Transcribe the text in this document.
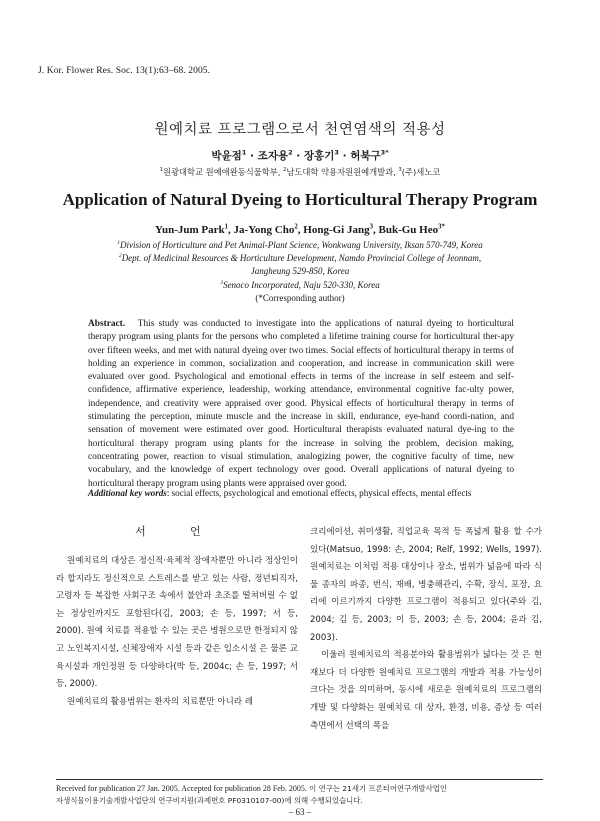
J. Kor. Flower Res. Soc. 13(1):63–68. 2005.
원예치료 프로그램으로서 천연염색의 적용성
박윤점$^1$ · 조자용$^2$ · 장홍기$^3$ · 허북구$^{3*}$
$^1$원광대학교 원예애완동식물학부, $^2$남도대학 약용자원원예개발과, $^3$(주)세노코
Application of Natural Dyeing to Horticultural Therapy Program
Yun-Jum Park$^1$, Ja-Yong Cho$^2$, Hong-Gi Jang$^3$, Buk-Gu Heo$^{3*}$
$^1$Division of Horticulture and Pet Animal-Plant Science, Wonkwang University, Iksan 570-749, Korea
$^2$Dept. of Medicinal Resources & Horticulture Development, Namdo Provincial College of Jeonnam,
Jangheung 529-850, Korea
$^3$Senoco Incorporated, Naju 520-330, Korea
(*Corresponding author)
Abstract. This study was conducted to investigate into the applications of natural dyeing to horticultural therapy program using plants for the persons who completed a lifetime training course for horticultural ther-apy over fifteen weeks, and met with natural dyeing over two times. Social effects of horticultural therapy in terms of holding an experience in common, socialization and cooperation, and increase in communication skill were evaluated over good. Psychological and emotional effects in terms of the increase in self esteem and self-confidence, affirmative experience, leadership, working attendance, environmental cognitive fac-ulty power, independence, and creativity were appraised over good. Physical effects of horticultural therapy in terms of stimulating the perception, minute muscle and the increase in skill, endurance, eye-hand coordi-nation, and sensation of movement were estimated over good. Horticultural therapists evaluated natural dye-ing to the horticultural therapy program using plants for the increase in solving the problem, decision making, concentrating power, reaction to visual stimulation, analogizing power, the cognitive faculty of time, new vocabulary, and the knowledge of expert technology over good. Overall applications of natural dyeing to horticultural therapy program using plants were appraised over good.
Additional key words: social effects, psychological and emotional effects, physical effects, mental effects
서	언

원예치료의 대상은 정신적·육체적 장애자뿐만 아니라 정상인이라 할지라도 정신적으로 스트레스를 받고 있는 사람, 정년퇴직자, 고령자 등 복잡한 사회구조 속에서 불안과 초조를 떨쳐버릴 수 없는 정상인까지도 포함된다(김, 2003; 손 등, 1997; 서 등, 2000). 원예 치료를 적용할 수 있는 곳은 병원으로만 한정되지 않고 노인복지시설, 신체장애자 시설 등과 같은 입소시설 은 물론 교육시설과 개인정원 등 다양하다(박 등, 2004c; 손 등, 1997; 서 등, 2000).

원예치료의 활용범위는 환자의 치료뿐만 아니라 레

크리에이션, 취미생활, 직업교육 목적 등 폭넓게 활용 할 수가 있다(Matsuo, 1998: 손, 2004; Relf, 1992; Wells, 1997). 원예치료는 이처럼 적용 대상이나 장소, 범위가 넓음에 따라 식물 종자의 파종, 번식, 재배, 병충해관리, 수확, 장식, 포장, 요리에 이르기까지 다양한 프로그램이 적용되고 있다(주와 김, 2004; 김 등, 2003; 이 등, 2003; 손 등, 2004; 윤과 김, 2003).

이울러 원예치료의 적용분야와 활용범위가 넓다는 것 은 현재보다 더 다양한 원예치료 프로그램의 개발과 적용 가능성이 크다는 것을 의미하며, 동시에 새로운 원예치료의 프로그램의 개발 및 다양화는 원예치료 대 상자, 환경, 비용, 증상 등 여러 측면에서 선택의 폭을

Received for publication 27 Jan. 2005. Accepted for publication 28 Feb. 2005. 이 연구는 21세기 프론티어연구개발사업인
자생식물이용기술개발사업단의 연구비지원(과제번호 PF0310107-00)에 의해 수행되었습니다.
– 63 –
